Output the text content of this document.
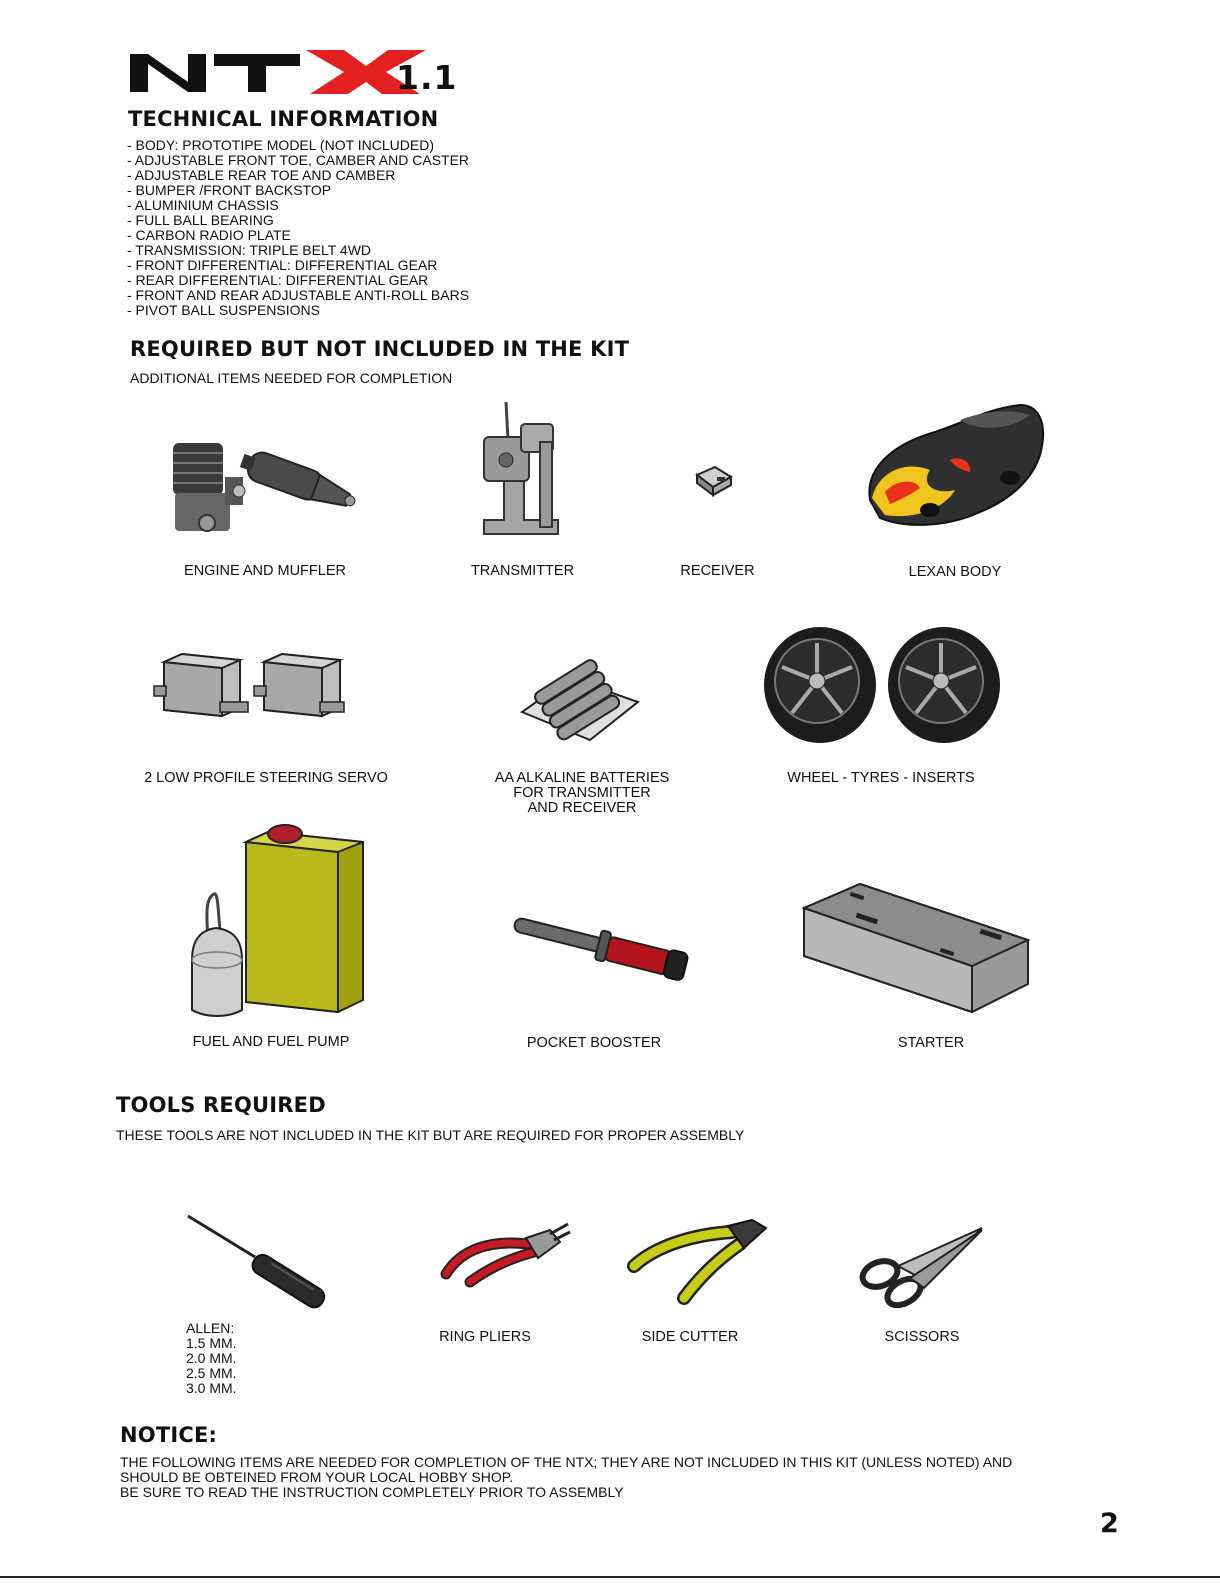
1.1
TECHNICAL INFORMATION
- BODY: PROTOTIPE MODEL (NOT INCLUDED)
- ADJUSTABLE FRONT TOE, CAMBER AND CASTER
- ADJUSTABLE REAR TOE AND CAMBER
- BUMPER /FRONT BACKSTOP
- ALUMINIUM CHASSIS
- FULL BALL BEARING
- CARBON RADIO PLATE
- TRANSMISSION: TRIPLE BELT 4WD
- FRONT DIFFERENTIAL: DIFFERENTIAL GEAR
- REAR DIFFERENTIAL: DIFFERENTIAL GEAR
- FRONT AND REAR ADJUSTABLE ANTI-ROLL BARS
- PIVOT BALL SUSPENSIONS
REQUIRED BUT NOT INCLUDED IN THE KIT
ADDITIONAL ITEMS NEEDED FOR COMPLETION
ENGINE AND MUFFLER	TRANSMITTER	RECEIVER	LEXAN BODY
2 LOW PROFILE STEERING SERVO	AA ALKALINE BATTERIES
FOR TRANSMITTER
AND RECEIVER
WHEEL - TYRES - INSERTS
FUEL AND FUEL PUMP	POCKET BOOSTER	STARTER
TOOLS REQUIRED
THESE TOOLS ARE NOT INCLUDED IN THE KIT BUT ARE REQUIRED FOR PROPER ASSEMBLY
ALLEN:
1.5 MM.
2.0 MM.
2.5 MM.
3.0 MM.
RING PLIERS	SIDE CUTTER	SCISSORS
NOTICE:
THE FOLLOWING ITEMS ARE NEEDED FOR COMPLETION OF THE NTX; THEY ARE NOT INCLUDED IN THIS KIT (UNLESS NOTED) AND
SHOULD BE OBTEINED FROM YOUR LOCAL HOBBY SHOP.
BE SURE TO READ THE INSTRUCTION COMPLETELY PRIOR TO ASSEMBLY
2
